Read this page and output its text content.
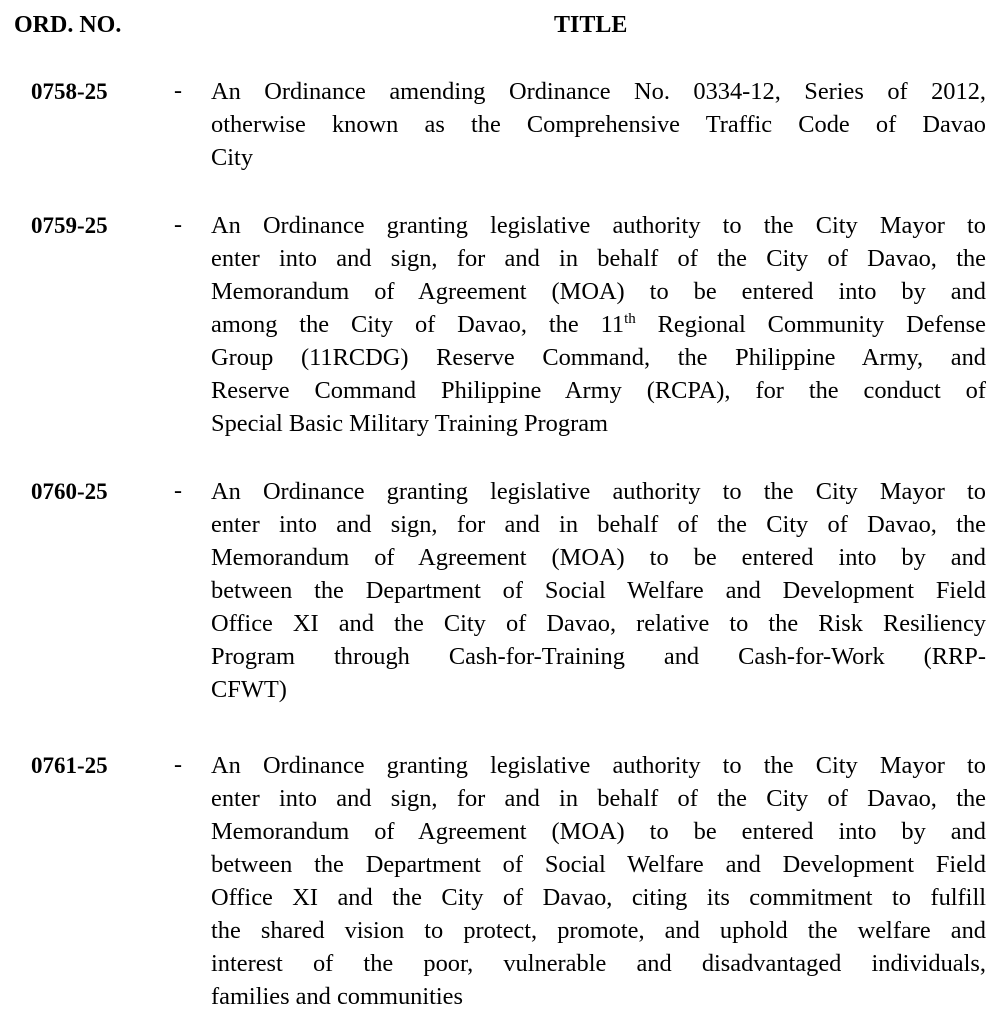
ORD. NO.	TITLE
0758-25	- An Ordinance amending Ordinance No. 0334-12, Series of 2012,
otherwise known as the Comprehensive Traffic Code of Davao
City
0759-25	- An Ordinance granting legislative authority to the City Mayor to
enter into and sign, for and in behalf of the City of Davao, the
Memorandum of Agreement (MOA) to be entered into by and
among the City of Davao, the 11th Regional Community Defense
Group (11RCDG) Reserve Command, the Philippine Army, and
Reserve Command Philippine Army (RCPA), for the conduct of
Special Basic Military Training Program
0760-25	- An Ordinance granting legislative authority to the City Mayor to
enter into and sign, for and in behalf of the City of Davao, the
Memorandum of Agreement (MOA) to be entered into by and
between the Department of Social Welfare and Development Field
Office XI and the City of Davao, relative to the Risk Resiliency
Program through Cash-for-Training and Cash-for-Work (RRP-
CFWT)
0761-25	- An Ordinance granting legislative authority to the City Mayor to
enter into and sign, for and in behalf of the City of Davao, the
Memorandum of Agreement (MOA) to be entered into by and
between the Department of Social Welfare and Development Field
Office XI and the City of Davao, citing its commitment to fulfill
the shared vision to protect, promote, and uphold the welfare and
interest of the poor, vulnerable and disadvantaged individuals,
families and communities
